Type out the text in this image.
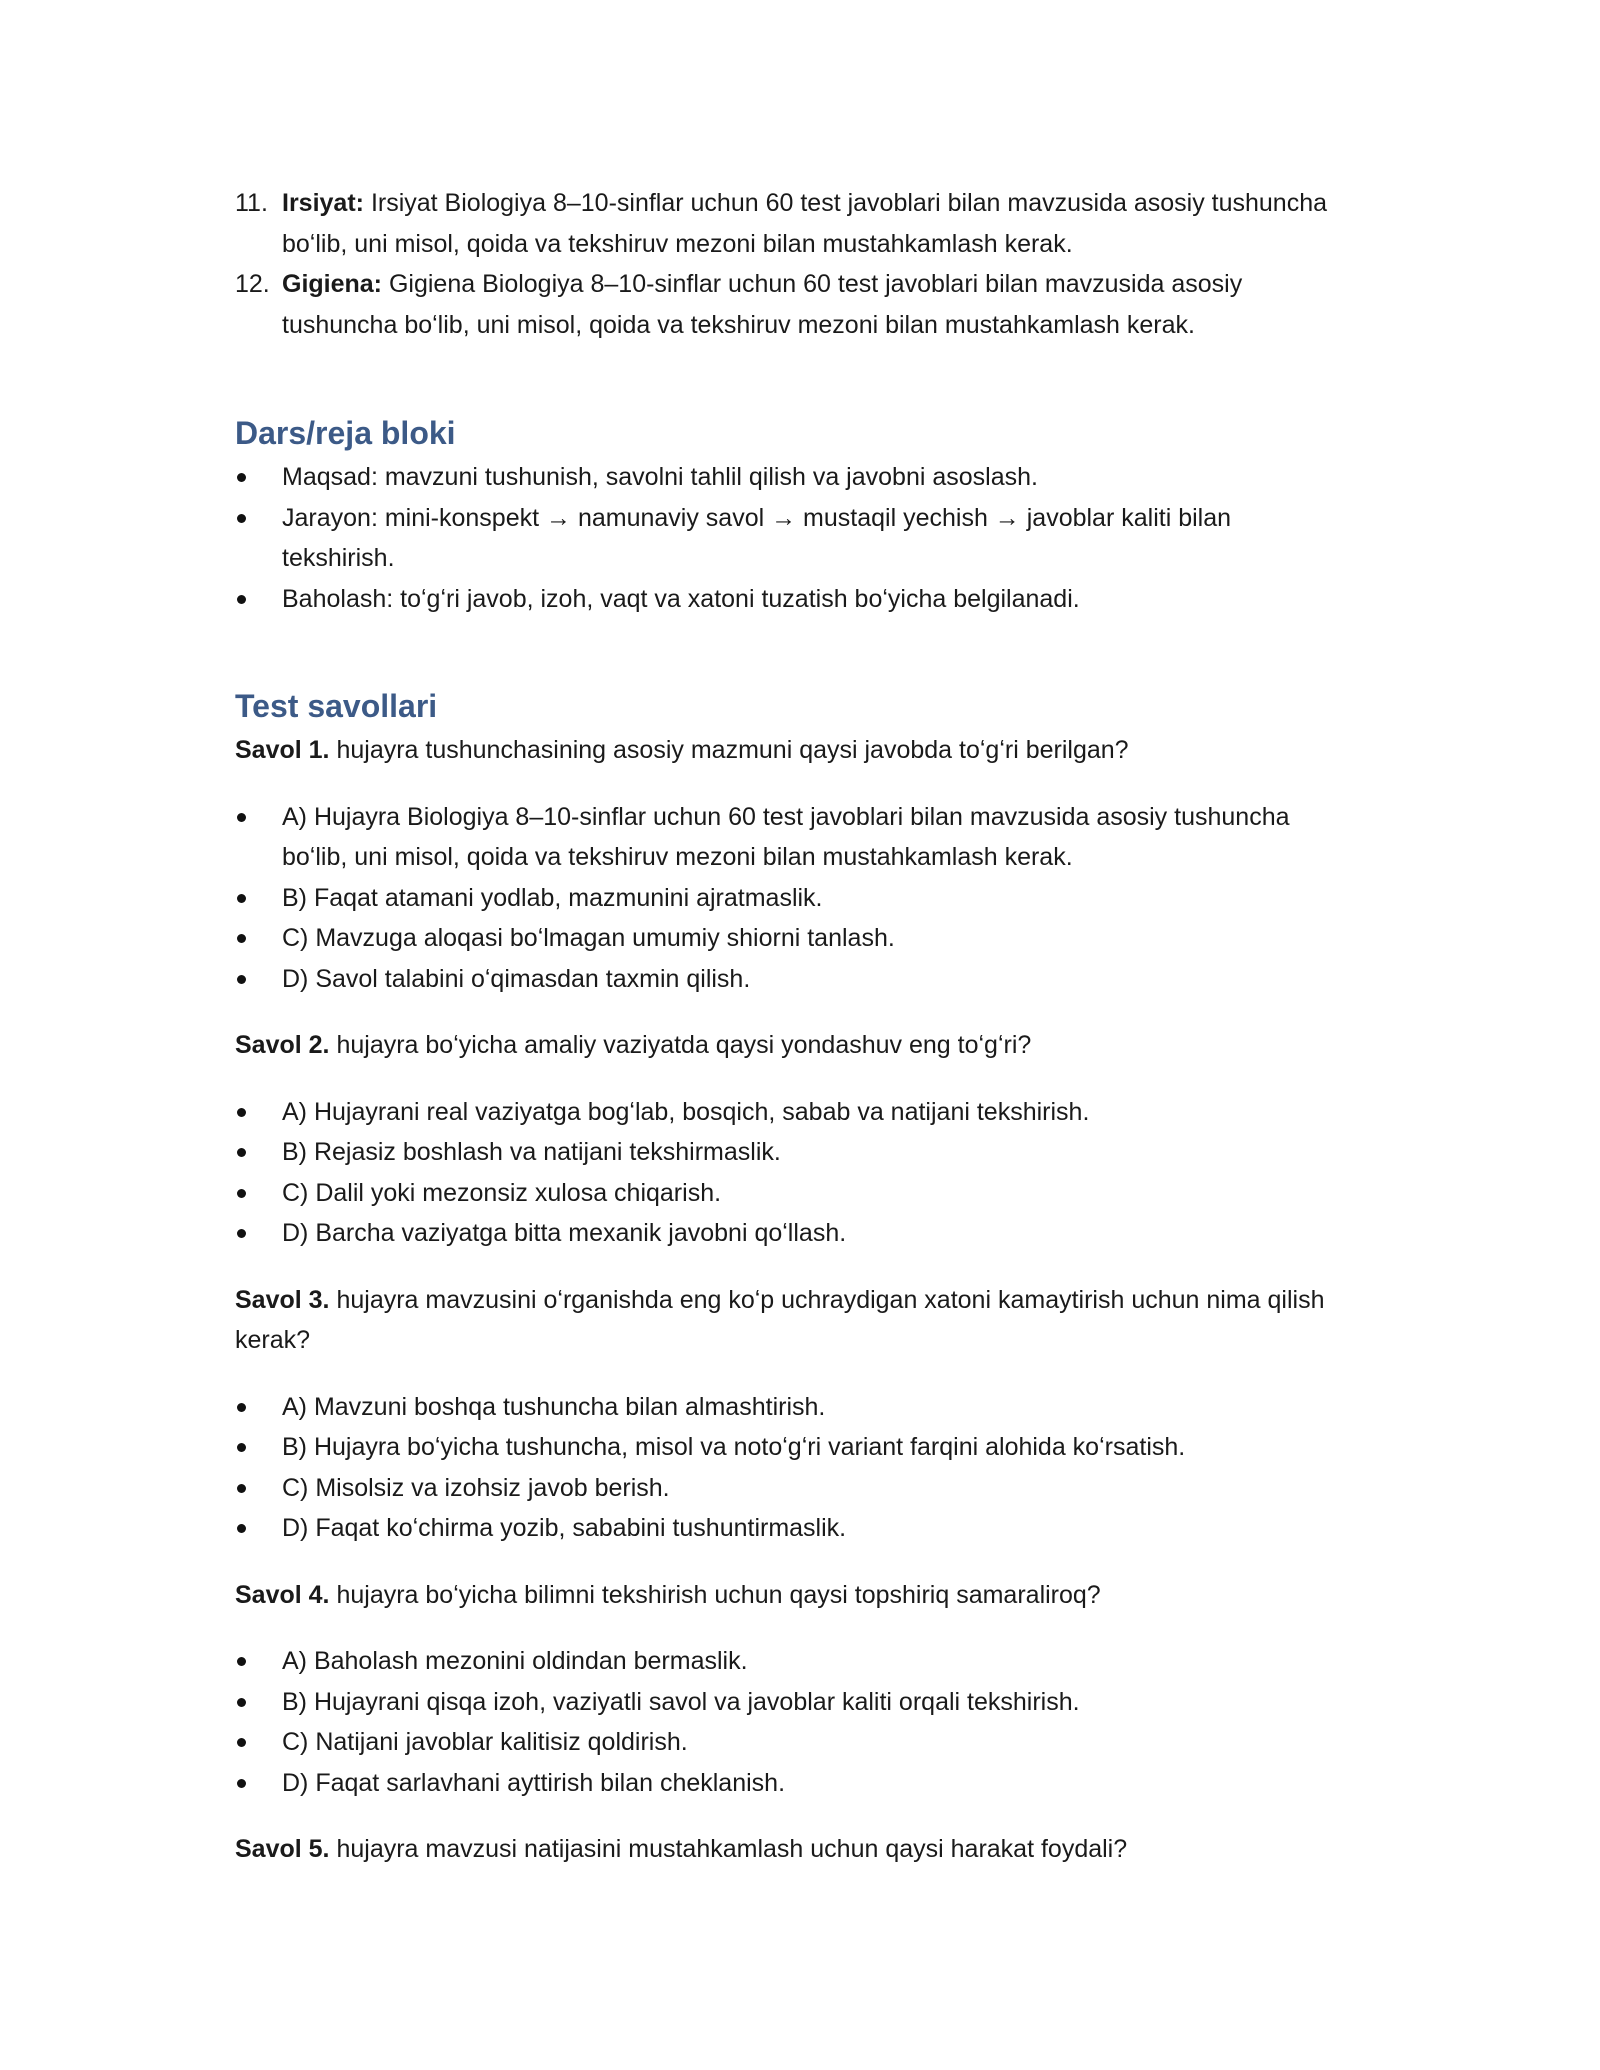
11. Irsiyat: Irsiyat Biologiya 8–10-sinflar uchun 60 test javoblari bilan mavzusida asosiy tushuncha boʻlib, uni misol, qoida va tekshiruv mezoni bilan mustahkamlash kerak.
12. Gigiena: Gigiena Biologiya 8–10-sinflar uchun 60 test javoblari bilan mavzusida asosiy tushuncha boʻlib, uni misol, qoida va tekshiruv mezoni bilan mustahkamlash kerak.
Dars/reja bloki
Maqsad: mavzuni tushunish, savolni tahlil qilish va javobni asoslash.
Jarayon: mini-konspekt → namunaviy savol → mustaqil yechish → javoblar kaliti bilan tekshirish.
Baholash: toʻgʻri javob, izoh, vaqt va xatoni tuzatish boʻyicha belgilanadi.
Test savollari

Savol 1. hujayra tushunchasining asosiy mazmuni qaysi javobda toʻgʻri berilgan?

A) Hujayra Biologiya 8–10-sinflar uchun 60 test javoblari bilan mavzusida asosiy tushuncha boʻlib, uni misol, qoida va tekshiruv mezoni bilan mustahkamlash kerak.
B) Faqat atamani yodlab, mazmunini ajratmaslik.
C) Mavzuga aloqasi boʻlmagan umumiy shiorni tanlash.
D) Savol talabini oʻqimasdan taxmin qilish.

Savol 2. hujayra boʻyicha amaliy vaziyatda qaysi yondashuv eng toʻgʻri?

A) Hujayrani real vaziyatga bogʻlab, bosqich, sabab va natijani tekshirish.
B) Rejasiz boshlash va natijani tekshirmaslik.
C) Dalil yoki mezonsiz xulosa chiqarish.
D) Barcha vaziyatga bitta mexanik javobni qoʻllash.

Savol 3. hujayra mavzusini oʻrganishda eng koʻp uchraydigan xatoni kamaytirish uchun nima qilish kerak?

A) Mavzuni boshqa tushuncha bilan almashtirish.
B) Hujayra boʻyicha tushuncha, misol va notoʻgʻri variant farqini alohida koʻrsatish.
C) Misolsiz va izohsiz javob berish.
D) Faqat koʻchirma yozib, sababini tushuntirmaslik.

Savol 4. hujayra boʻyicha bilimni tekshirish uchun qaysi topshiriq samaraliroq?

A) Baholash mezonini oldindan bermaslik.
B) Hujayrani qisqa izoh, vaziyatli savol va javoblar kaliti orqali tekshirish.
C) Natijani javoblar kalitisiz qoldirish.
D) Faqat sarlavhani ayttirish bilan cheklanish.

Savol 5. hujayra mavzusi natijasini mustahkamlash uchun qaysi harakat foydali?
